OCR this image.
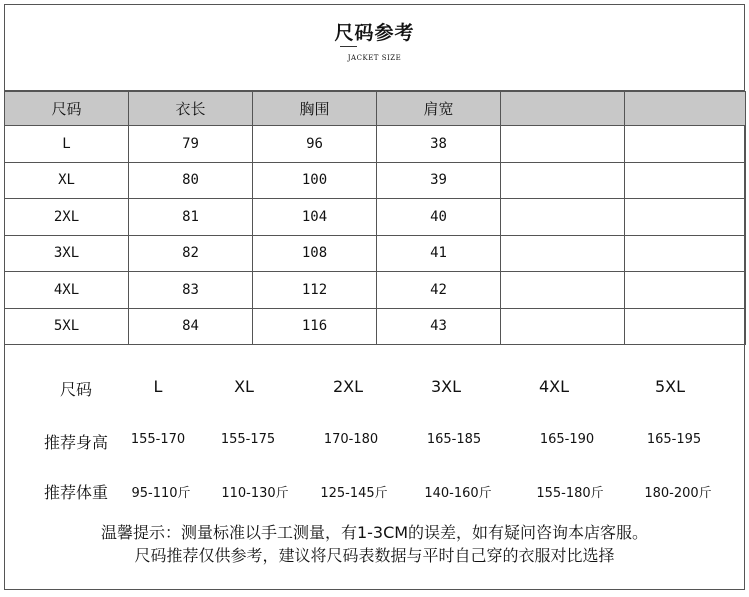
尺码参考
JACKET SIZE
尺码	衣长	胸围	肩宽		
L	79	96	38		
XL	80	100	39		
2XL	81	104	40		
3XL	82	108	41		
4XL	83	112	42		
5XL	84	116	43		
尺码	L	XL	2XL	3XL	4XL	5XL
推荐身高 155-170	155-175	170-180	165-185	165-190	165-195
推荐体重 95-110斤 110-130斤 125-145斤	140-160斤	155-180斤	180-200斤
温馨提示：测量标准以手工测量，有1-3CM的误差，如有疑问咨询本店客服。
尺码推荐仅供参考，建议将尺码表数据与平时自己穿的衣服对比选择
